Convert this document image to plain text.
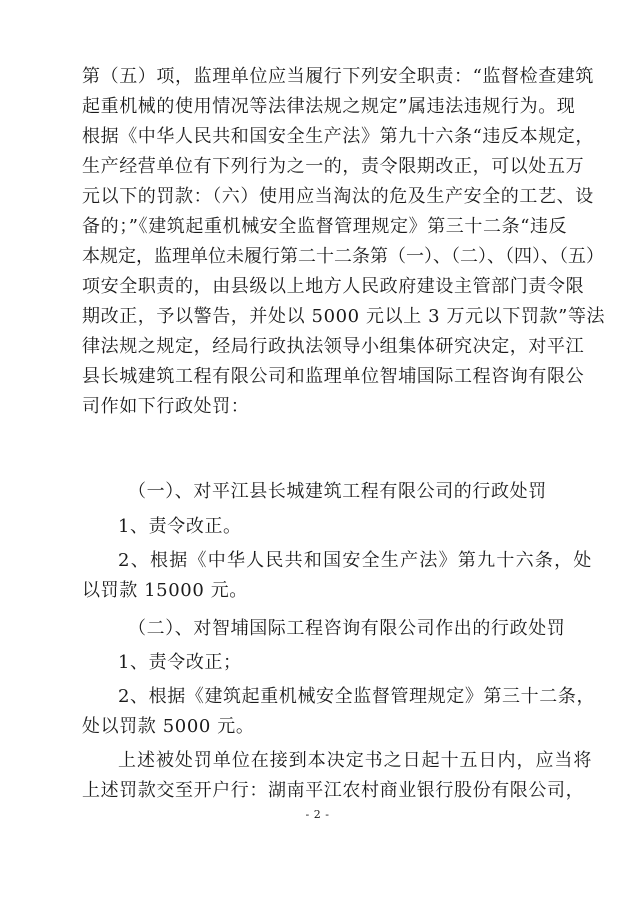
第（五）项，监理单位应当履行下列安全职责：“监督检查建筑
起重机械的使用情况等法律法规之规定”属违法违规行为。现
根据《中华人民共和国安全生产法》第九十六条“违反本规定，
生产经营单位有下列行为之一的，责令限期改正，可以处五万
元以下的罚款：（六）使用应当淘汰的危及生产安全的工艺、设
备的；”《建筑起重机械安全监督管理规定》第三十二条“违反
本规定，监理单位未履行第二十二条第（一）、（二）、（四）、（五）
项安全职责的，由县级以上地方人民政府建设主管部门责令限
期改正，予以警告，并处以 5000 元以上 3 万元以下罚款”等法
律法规之规定，经局行政执法领导小组集体研究决定，对平江
县长城建筑工程有限公司和监理单位智埔国际工程咨询有限公
司作如下行政处罚：
（一）、对平江县长城建筑工程有限公司的行政处罚
1、责令改正。
2、根据《中华人民共和国安全生产法》第九十六条，处
以罚款 15000 元。
（二）、对智埔国际工程咨询有限公司作出的行政处罚
1、责令改正；
2、根据《建筑起重机械安全监督管理规定》第三十二条，
处以罚款 5000 元。
上述被处罚单位在接到本决定书之日起十五日内，应当将
上述罚款交至开户行：湖南平江农村商业银行股份有限公司，
- 2 -
